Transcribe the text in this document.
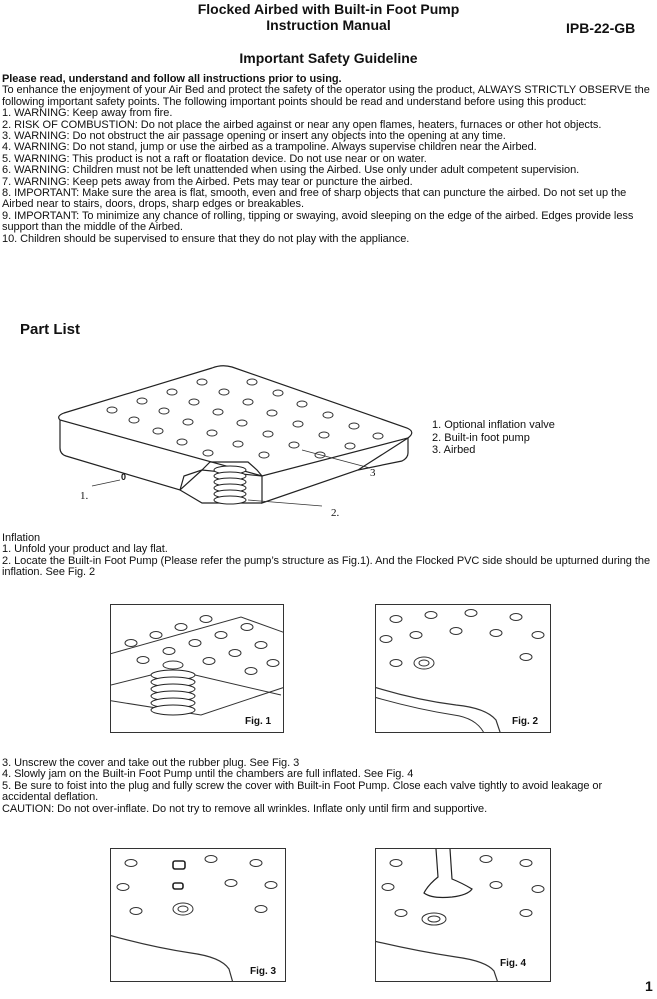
Flocked Airbed with Built-in Foot Pump
Instruction Manual	IPB-22-GB
Important Safety Guideline

Please read, understand and follow all instructions prior to using.

To enhance the enjoyment of your Air Bed and protect the safety of the operator using the product, ALWAYS STRICTLY OBSERVE the following important safety points. The following important points should be read and understand before using this product:

1. WARNING: Keep away from fire.

2. RISK OF COMBUSTION: Do not place the airbed against or near any open flames, heaters, furnaces or other hot objects.

3. WARNING: Do not obstruct the air passage opening or insert any objects into the opening at any time.

4. WARNING: Do not stand, jump or use the airbed as a trampoline. Always supervise children near the Airbed.

5. WARNING: This product is not a raft or floatation device. Do not use near or on water.

6. WARNING: Children must not be left unattended when using the Airbed. Use only under adult competent supervision.

7. WARNING: Keep pets away from the Airbed. Pets may tear or puncture the airbed.

8. IMPORTANT: Make sure the area is flat, smooth, even and free of sharp objects that can puncture the airbed. Do not set up the Airbed near to stairs, doors, drops, sharp edges or breakables.

9. IMPORTANT: To minimize any chance of rolling, tipping or swaying, avoid sleeping on the edge of the airbed. Edges provide less support than the middle of the Airbed.

10. Children should be supervised to ensure that they do not play with the appliance.

Part List
0
1.
2.
3
1. Optional inflation valve
2. Built-in foot pump
3. Airbed

Inflation

1. Unfold your product and lay flat.

2. Locate the Built-in Foot Pump (Please refer the pump’s structure as Fig.1). And the Flocked PVC side should be upturned during the inflation. See Fig. 2

Fig. 1	Fig. 2

3. Unscrew the cover and take out the rubber plug. See Fig. 3

4. Slowly jam on the Built-in Foot Pump until the chambers are full inflated. See Fig. 4

5. Be sure to foist into the plug and fully screw the cover with Built-in Foot Pump. Close each valve tightly to avoid leakage or accidental deflation.

CAUTION: Do not over-inflate. Do not try to remove all wrinkles. Inflate only until firm and supportive.

Fig. 3
Fig. 4
1
